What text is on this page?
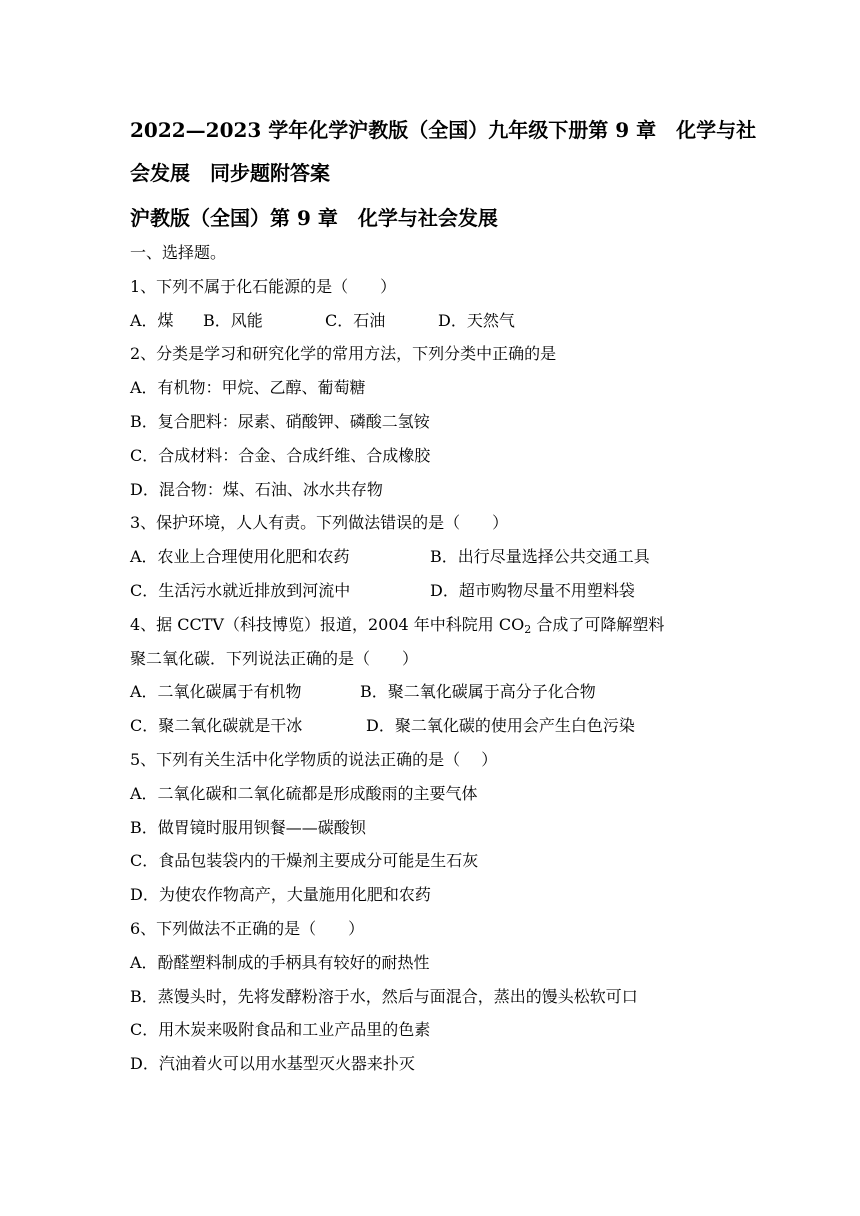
2022—2023 学年化学沪教版（全国）九年级下册第 9 章　化学与社
会发展　同步题附答案
沪教版（全国）第 9 章　化学与社会发展
一、选择题。
1、下列不属于化石能源的是（　　）
A．煤 B．风能	C．石油	D．天然气
2、分类是学习和研究化学的常用方法，下列分类中正确的是
A．有机物：甲烷、乙醇、葡萄糖
B．复合肥料：尿素、硝酸钾、磷酸二氢铵
C．合成材料：合金、合成纤维、合成橡胶
D．混合物：煤、石油、冰水共存物
3、保护环境，人人有责。下列做法错误的是（　　）
A．农业上合理使用化肥和农药	B．出行尽量选择公共交通工具
C．生活污水就近排放到河流中	D．超市购物尽量不用塑料袋
4、据 CCTV（科技博览）报道，2004 年中科院用 $CO_2$ 合成了可降解塑料
聚二氧化碳．下列说法正确的是（　　）
A．二氧化碳属于有机物	B．聚二氧化碳属于高分子化合物
C．聚二氧化碳就是干冰	D．聚二氧化碳的使用会产生白色污染
5、下列有关生活中化学物质的说法正确的是（　 ）
A．二氧化碳和二氧化硫都是形成酸雨的主要气体
B．做胃镜时服用钡餐——碳酸钡
C．食品包装袋内的干燥剂主要成分可能是生石灰
D．为使农作物高产，大量施用化肥和农药
6、下列做法不正确的是（　　）
A．酚醛塑料制成的手柄具有较好的耐热性
B．蒸馒头时，先将发酵粉溶于水，然后与面混合，蒸出的馒头松软可口
C．用木炭来吸附食品和工业产品里的色素
D．汽油着火可以用水基型灭火器来扑灭
